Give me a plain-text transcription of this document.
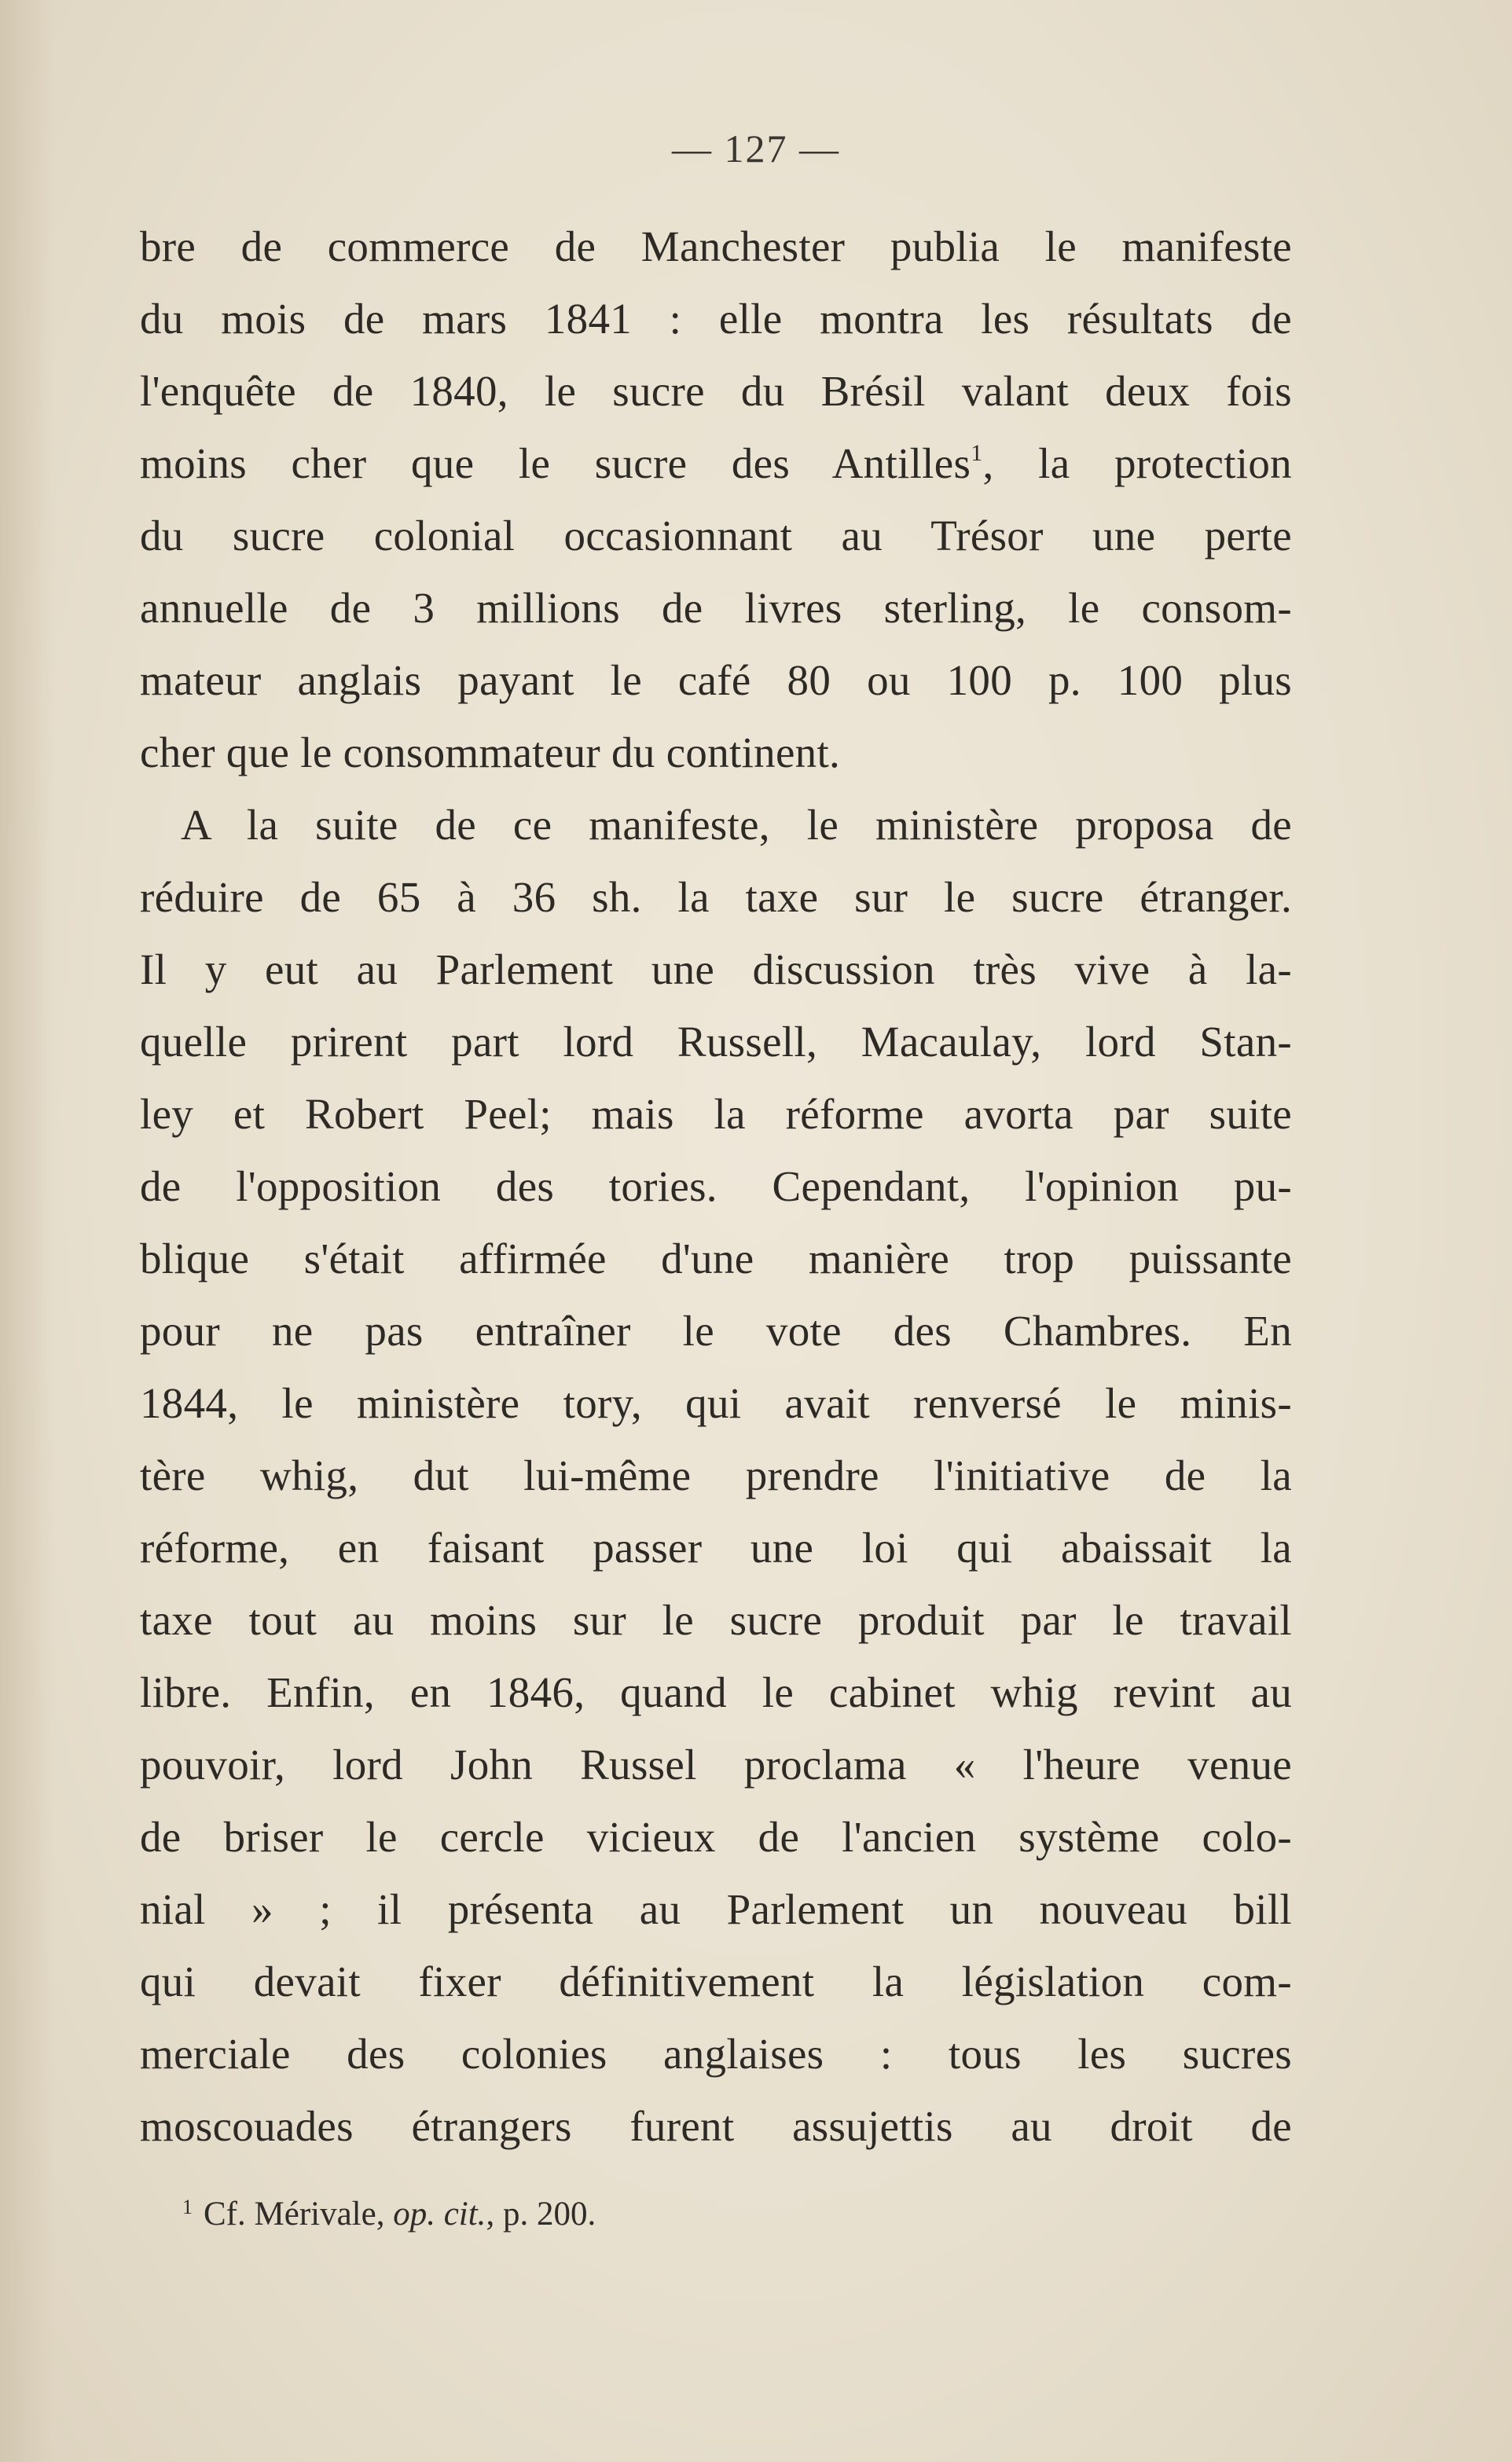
— 127 —
bre de commerce de Manchester publia le manifeste
du mois de mars 1841 : elle montra les résultats de
l'enquête de 1840, le sucre du Brésil valant deux fois
moins cher que le sucre des Antilles$^1$, la protection
du sucre colonial occasionnant au Trésor une perte
annuelle de 3 millions de livres sterling, le consom-
mateur anglais payant le café 80 ou 100 p. 100 plus
cher que le consommateur du continent.
A la suite de ce manifeste, le ministère proposa de
réduire de 65 à 36 sh. la taxe sur le sucre étranger.
Il y eut au Parlement une discussion très vive à la-
quelle prirent part lord Russell, Macaulay, lord Stan-
ley et Robert Peel; mais la réforme avorta par suite
de l'opposition des tories. Cependant, l'opinion pu-
blique s'était affirmée d'une manière trop puissante
pour ne pas entraîner le vote des Chambres. En
1844, le ministère tory, qui avait renversé le minis-
tère whig, dut lui-même prendre l'initiative de la
réforme, en faisant passer une loi qui abaissait la
taxe tout au moins sur le sucre produit par le travail
libre. Enfin, en 1846, quand le cabinet whig revint au
pouvoir, lord John Russel proclama « l'heure venue
de briser le cercle vicieux de l'ancien système colo-
nial » ; il présenta au Parlement un nouveau bill
qui devait fixer définitivement la législation com-
merciale des colonies anglaises : tous les sucres
moscouades étrangers furent assujettis au droit de
$^1$ Cf. Mérivale, op. cit., p. 200.
